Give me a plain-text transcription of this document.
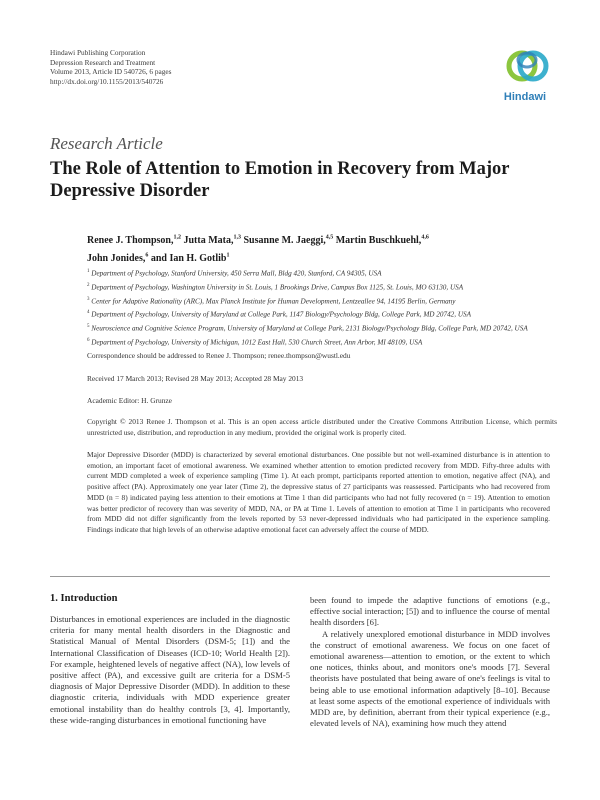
Hindawi Publishing Corporation
Depression Research and Treatment
Volume 2013, Article ID 540726, 6 pages
http://dx.doi.org/10.1155/2013/540726
Hindawi
Research Article
The Role of Attention to Emotion in Recovery from Major Depressive Disorder
Renee J. Thompson,$^{1,2}$ Jutta Mata,$^{1,3}$ Susanne M. Jaeggi,$^{4,5}$ Martin Buschkuehl,$^{4,6}$
John Jonides,$^6$ and Ian H. Gotlib$^1$
$^1$ Department of Psychology, Stanford University, 450 Serra Mall, Bldg 420, Stanford, CA 94305, USA
$^2$ Department of Psychology, Washington University in St. Louis, 1 Brookings Drive, Campus Box 1125, St. Louis, MO 63130, USA
$^3$ Center for Adaptive Rationality (ARC), Max Planck Institute for Human Development, Lentzeallee 94, 14195 Berlin, Germany
$^4$ Department of Psychology, University of Maryland at College Park, 1147 Biology/Psychology Bldg, College Park, MD 20742, USA
$^5$ Neuroscience and Cognitive Science Program, University of Maryland at College Park, 2131 Biology/Psychology Bldg, College Park, MD 20742, USA
$^6$ Department of Psychology, University of Michigan, 1012 East Hall, 530 Church Street, Ann Arbor, MI 48109, USA
Correspondence should be addressed to Renee J. Thompson; renee.thompson@wustl.edu
Received 17 March 2013; Revised 28 May 2013; Accepted 28 May 2013
Academic Editor: H. Grunze
Copyright © 2013 Renee J. Thompson et al. This is an open access article distributed under the Creative Commons Attribution License, which permits unrestricted use, distribution, and reproduction in any medium, provided the original work is properly cited.
Major Depressive Disorder (MDD) is characterized by several emotional disturbances. One possible but not well-examined disturbance is in attention to emotion, an important facet of emotional awareness. We examined whether attention to emotion predicted recovery from MDD. Fifty-three adults with current MDD completed a week of experience sampling (Time 1). At each prompt, participants reported attention to emotion, negative affect (NA), and positive affect (PA). Approximately one year later (Time 2), the depressive status of 27 participants was reassessed. Participants who had recovered from MDD (n = 8) indicated paying less attention to their emotions at Time 1 than did participants who had not fully recovered (n = 19). Attention to emotion was better predictor of recovery than was severity of MDD, NA, or PA at Time 1. Levels of attention to emotion at Time 1 in participants who recovered from MDD did not differ significantly from the levels reported by 53 never-depressed individuals who had participated in the experience sampling. Findings indicate that high levels of an otherwise adaptive emotional facet can adversely affect the course of MDD.
1. Introduction

Disturbances in emotional experiences are included in the diagnostic criteria for many mental health disorders in the Diagnostic and Statistical Manual of Mental Disorders (DSM-5; [1]) and the International Classification of Diseases (ICD-10; World Health [2]). For example, heightened levels of negative affect (NA), low levels of positive affect (PA), and excessive guilt are criteria for a DSM-5 diagnosis of Major Depressive Disorder (MDD). In addition to these diagnostic criteria, individuals with MDD experience greater emotional instability than do healthy controls [3, 4]. Importantly, these wide-ranging disturbances in emotional functioning have

been found to impede the adaptive functions of emotions (e.g., effective social interaction; [5]) and to influence the course of mental health disorders [6].

A relatively unexplored emotional disturbance in MDD involves the construct of emotional awareness. We focus on one facet of emotional awareness—attention to emotion, or the extent to which one notices, thinks about, and monitors one's moods [7]. Several theorists have postulated that being aware of one's feelings is vital to being able to use emotional information adaptively [8–10]. Because at least some aspects of the emotional experience of individuals with MDD are, by definition, aberrant from their typical experience (e.g., elevated levels of NA), examining how much they attend
